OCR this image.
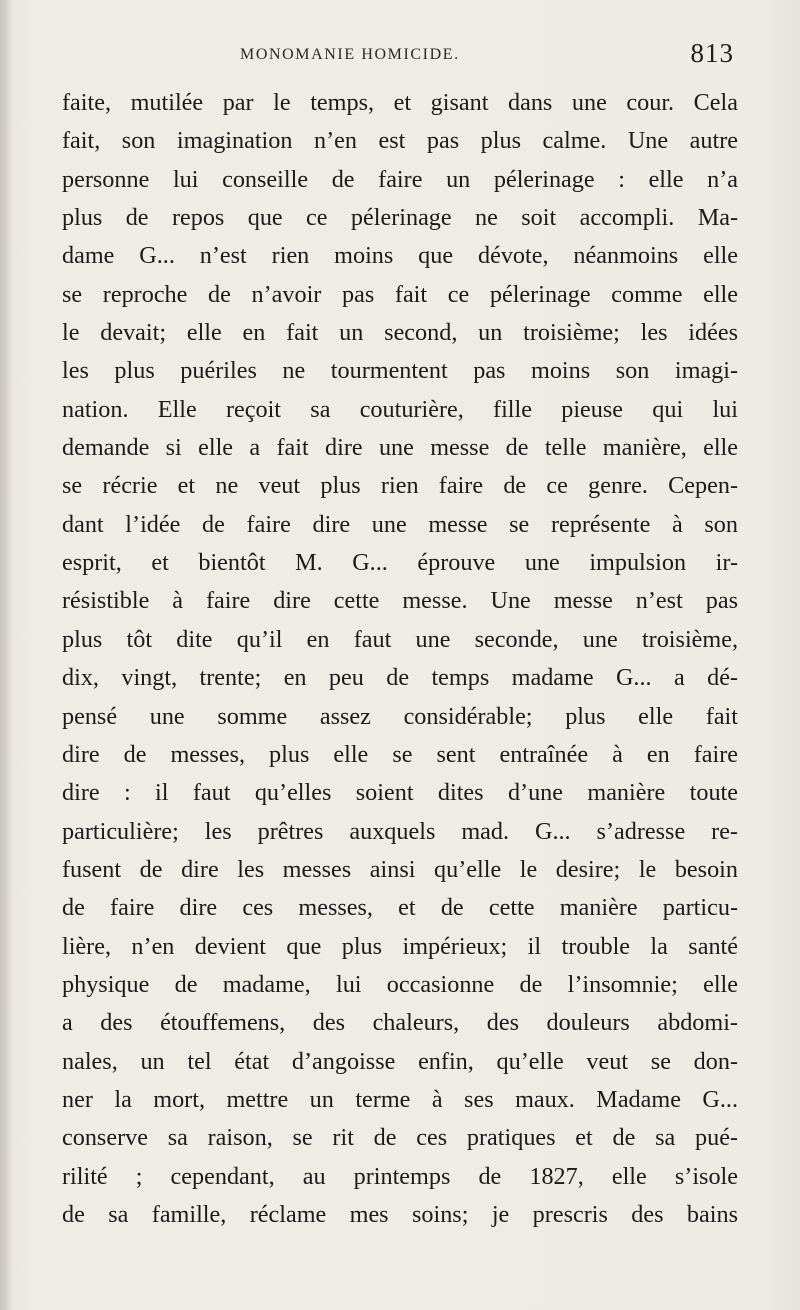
MONOMANIE HOMICIDE.	813
faite, mutilée par le temps, et gisant dans une cour. Cela
fait, son imagination n’en est pas plus calme. Une autre
personne lui conseille de faire un pélerinage : elle n’a
plus de repos que ce pélerinage ne soit accompli. Ma-
dame G... n’est rien moins que dévote, néanmoins elle
se reproche de n’avoir pas fait ce pélerinage comme elle
le devait; elle en fait un second, un troisième; les idées
les plus puériles ne tourmentent pas moins son imagi-
nation. Elle reçoit sa couturière, fille pieuse qui lui
demande si elle a fait dire une messe de telle manière, elle
se récrie et ne veut plus rien faire de ce genre. Cepen-
dant l’idée de faire dire une messe se représente à son
esprit, et bientôt M. G... éprouve une impulsion ir-
résistible à faire dire cette messe. Une messe n’est pas
plus tôt dite qu’il en faut une seconde, une troisième,
dix, vingt, trente; en peu de temps madame G... a dé-
pensé une somme assez considérable; plus elle fait
dire de messes, plus elle se sent entraînée à en faire
dire : il faut qu’elles soient dites d’une manière toute
particulière; les prêtres auxquels mad. G... s’adresse re-
fusent de dire les messes ainsi qu’elle le desire; le besoin
de faire dire ces messes, et de cette manière particu-
lière, n’en devient que plus impérieux; il trouble la santé
physique de madame, lui occasionne de l’insomnie; elle
a des étouffemens, des chaleurs, des douleurs abdomi-
nales, un tel état d’angoisse enfin, qu’elle veut se don-
ner la mort, mettre un terme à ses maux. Madame G...
conserve sa raison, se rit de ces pratiques et de sa pué-
rilité ; cependant, au printemps de 1827, elle s’isole
de sa famille, réclame mes soins; je prescris des bains
